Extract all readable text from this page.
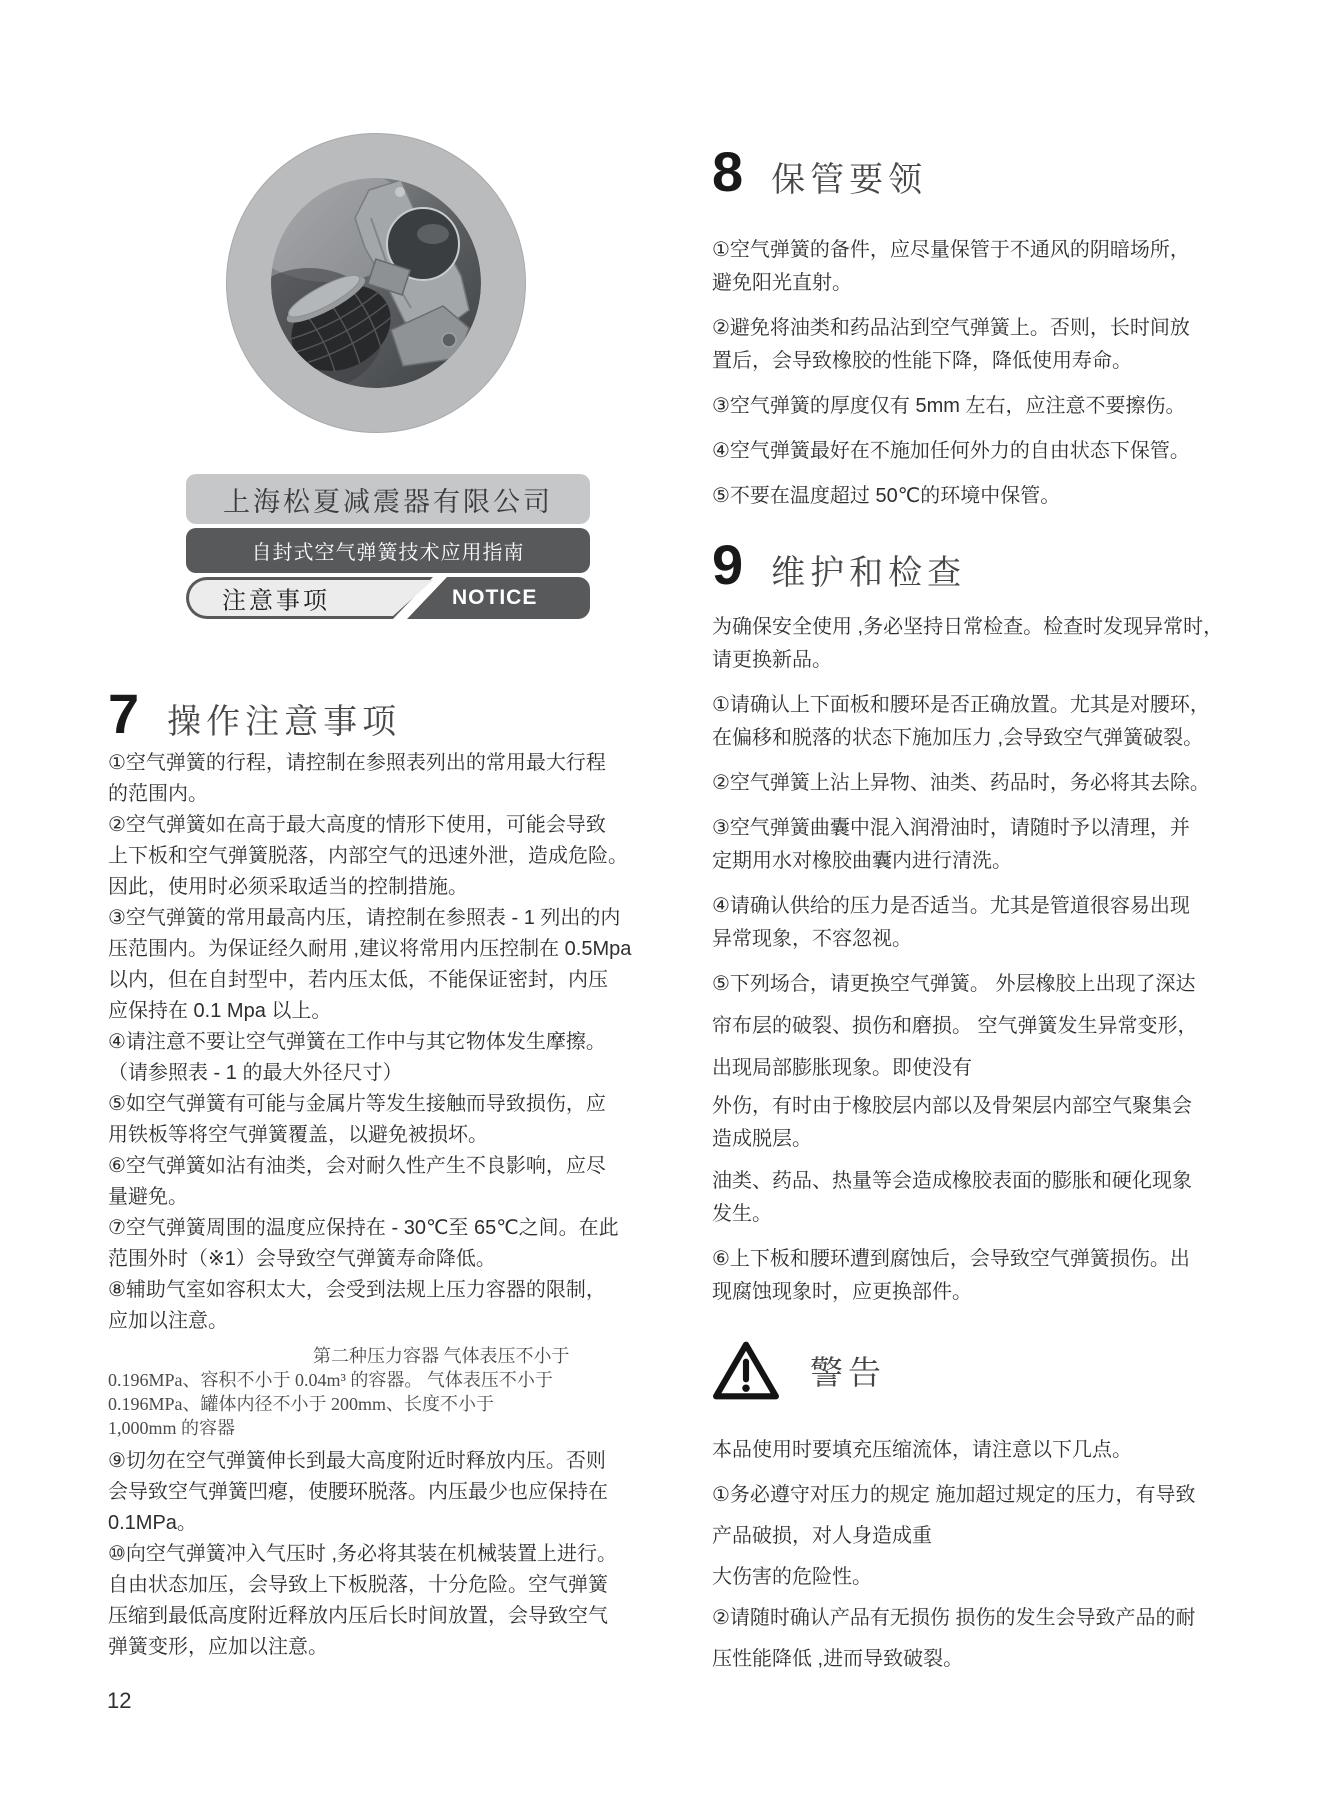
上海松夏减震器有限公司
自封式空气弹簧技术应用指南
注意事项	NOTICE
7 操作注意事项
①空气弹簧的行程，请控制在参照表列出的常用最大行程
的范围内。
②空气弹簧如在高于最大高度的情形下使用，可能会导致
上下板和空气弹簧脱落，内部空气的迅速外泄，造成危险。
因此，使用时必须采取适当的控制措施。
③空气弹簧的常用最高内压，请控制在参照表 - 1 列出的内
压范围内。为保证经久耐用 ,建议将常用内压控制在 0.5Mpa
以内，但在自封型中，若内压太低，不能保证密封，内压
应保持在 0.1 Mpa 以上。
④请注意不要让空气弹簧在工作中与其它物体发生摩擦。
（请参照表 - 1 的最大外径尺寸）
⑤如空气弹簧有可能与金属片等发生接触而导致损伤，应
用铁板等将空气弹簧覆盖，以避免被损坏。
⑥空气弹簧如沾有油类，会对耐久性产生不良影响，应尽
量避免。
⑦空气弹簧周围的温度应保持在 - 30℃至 65℃之间。在此
范围外时（※1）会导致空气弹簧寿命降低。
⑧辅助气室如容积太大，会受到法规上压力容器的限制，
应加以注意。
第二种压力容器 气体表压不小于
0.196MPa、容积不小于 0.04m³ 的容器。 气体表压不小于
0.196MPa、罐体内径不小于 200mm、长度不小于
1,000mm 的容器
⑨切勿在空气弹簧伸长到最大高度附近时释放内压。否则
会导致空气弹簧凹瘪，使腰环脱落。内压最少也应保持在
0.1MPa。
⑩向空气弹簧冲入气压时 ,务必将其装在机械装置上进行。
自由状态加压，会导致上下板脱落，十分危险。空气弹簧
压缩到最低高度附近释放内压后长时间放置，会导致空气
弹簧变形，应加以注意。
8 保管要领
①空气弹簧的备件，应尽量保管于不通风的阴暗场所，
避免阳光直射。
②避免将油类和药品沾到空气弹簧上。否则，长时间放
置后，会导致橡胶的性能下降，降低使用寿命。
③空气弹簧的厚度仅有 5mm 左右，应注意不要擦伤。
④空气弹簧最好在不施加任何外力的自由状态下保管。
⑤不要在温度超过 50℃的环境中保管。
9 维护和检查
为确保安全使用 ,务必坚持日常检查。检查时发现异常时，
请更换新品。
①请确认上下面板和腰环是否正确放置。尤其是对腰环，
在偏移和脱落的状态下施加压力 ,会导致空气弹簧破裂。
②空气弹簧上沾上异物、油类、药品时，务必将其去除。
③空气弹簧曲囊中混入润滑油时，请随时予以清理，并
定期用水对橡胶曲囊内进行清洗。
④请确认供给的压力是否适当。尤其是管道很容易出现
异常现象，不容忽视。
⑤下列场合，请更换空气弹簧。 外层橡胶上出现了深达
帘布层的破裂、损伤和磨损。 空气弹簧发生异常变形，
出现局部膨胀现象。即使没有
外伤，有时由于橡胶层内部以及骨架层内部空气聚集会
造成脱层。
油类、药品、热量等会造成橡胶表面的膨胀和硬化现象
发生。
⑥上下板和腰环遭到腐蚀后，会导致空气弹簧损伤。出
现腐蚀现象时，应更换部件。
警告
本品使用时要填充压缩流体，请注意以下几点。
①务必遵守对压力的规定 施加超过规定的压力，有导致
产品破损，对人身造成重
大伤害的危险性。
②请随时确认产品有无损伤 损伤的发生会导致产品的耐
压性能降低 ,进而导致破裂。
12
